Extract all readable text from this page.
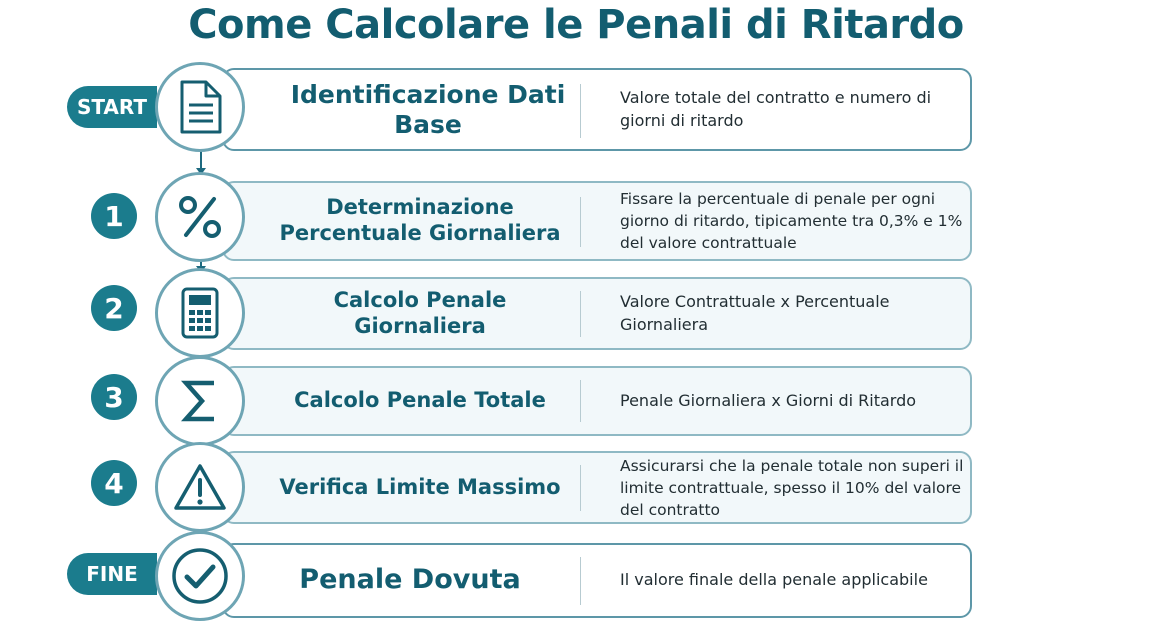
Come Calcolare le Penali di Ritardo
START	Identificazione Dati Base
Valore totale del contratto e numero di giorni di ritardo
1	Determinazione Percentuale Giornaliera
Fissare la percentuale di penale per ogni giorno di ritardo, tipicamente tra 0,3% e 1% del valore contrattuale
2	Calcolo Penale Giornaliera
Valore Contrattuale x Percentuale Giornaliera
3	Calcolo Penale Totale	Penale Giornaliera x Giorni di Ritardo
4	Verifica Limite Massimo
Assicurarsi che la penale totale non superi il limite contrattuale, spesso il 10% del valore del contratto
FINE	Penale Dovuta	Il valore finale della penale applicabile
